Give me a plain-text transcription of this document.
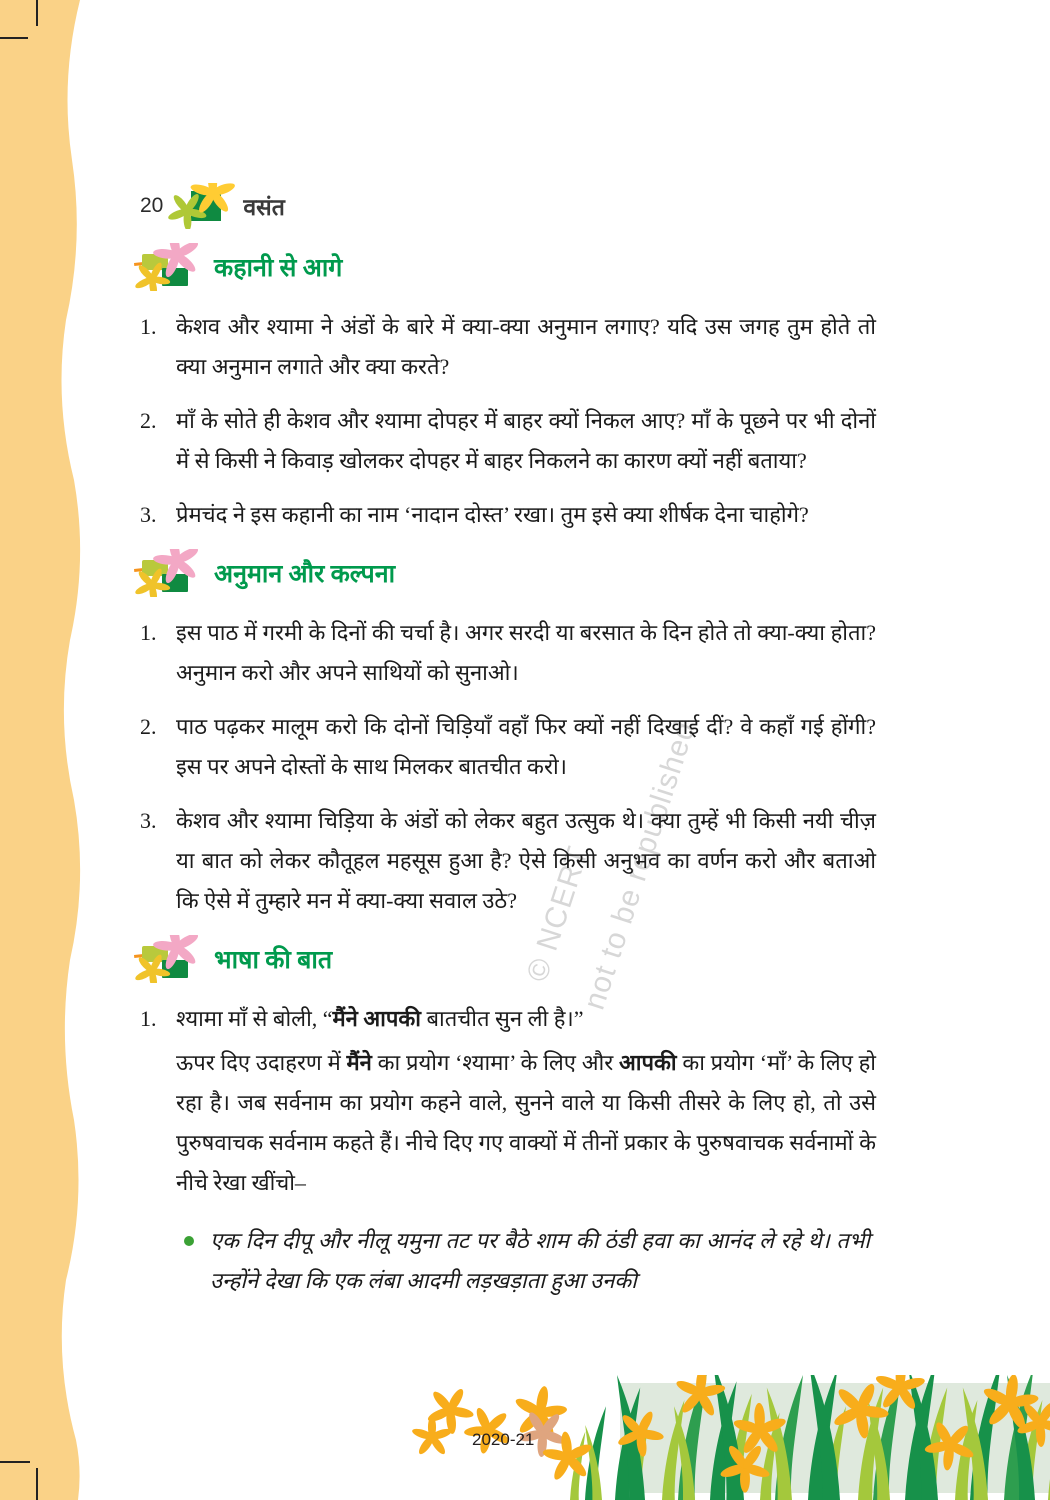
© NCERT
not to be republished
20	वसंत
कहानी से आगे
1. केशव और श्यामा ने अंडों के बारे में क्या-क्या अनुमान लगाए? यदि उस जगह तुम होते तो क्या अनुमान लगाते और क्या करते?

2. माँ के सोते ही केशव और श्यामा दोपहर में बाहर क्यों निकल आए? माँ के पूछने पर भी दोनों में से किसी ने किवाड़ खोलकर दोपहर में बाहर निकलने का कारण क्यों नहीं बताया?

3. प्रेमचंद ने इस कहानी का नाम ‘नादान दोस्त’ रखा। तुम इसे क्या शीर्षक देना चाहोगे?

अनुमान और कल्पना
1. इस पाठ में गरमी के दिनों की चर्चा है। अगर सरदी या बरसात के दिन होते तो क्या-क्या होता? अनुमान करो और अपने साथियों को सुनाओ।

2. पाठ पढ़कर मालूम करो कि दोनों चिड़ियाँ वहाँ फिर क्यों नहीं दिखाई दीं? वे कहाँ गई होंगी? इस पर अपने दोस्तों के साथ मिलकर बातचीत करो।

3. केशव और श्यामा चिड़िया के अंडों को लेकर बहुत उत्सुक थे। क्या तुम्हें भी किसी नयी चीज़ या बात को लेकर कौतूहल महसूस हुआ है? ऐसे किसी अनुभव का वर्णन करो और बताओ कि ऐसे में तुम्हारे मन में क्या-क्या सवाल उठे?

भाषा की बात
1. श्यामा माँ से बोली, “मैंने आपकी बातचीत सुन ली है।”

ऊपर दिए उदाहरण में मैंने का प्रयोग ‘श्यामा’ के लिए और आपकी का प्रयोग ‘माँ’ के लिए हो रहा है। जब सर्वनाम का प्रयोग कहने वाले, सुनने वाले या किसी तीसरे के लिए हो, तो उसे पुरुषवाचक सर्वनाम कहते हैं। नीचे दिए गए वाक्यों में तीनों प्रकार के पुरुषवाचक सर्वनामों के नीचे रेखा खींचो–

एक दिन दीपू और नीलू यमुना तट पर बैठे शाम की ठंडी हवा का आनंद ले रहे थे। तभी उन्होंने देखा कि एक लंबा आदमी लड़खड़ाता हुआ उनकी

2020-21
